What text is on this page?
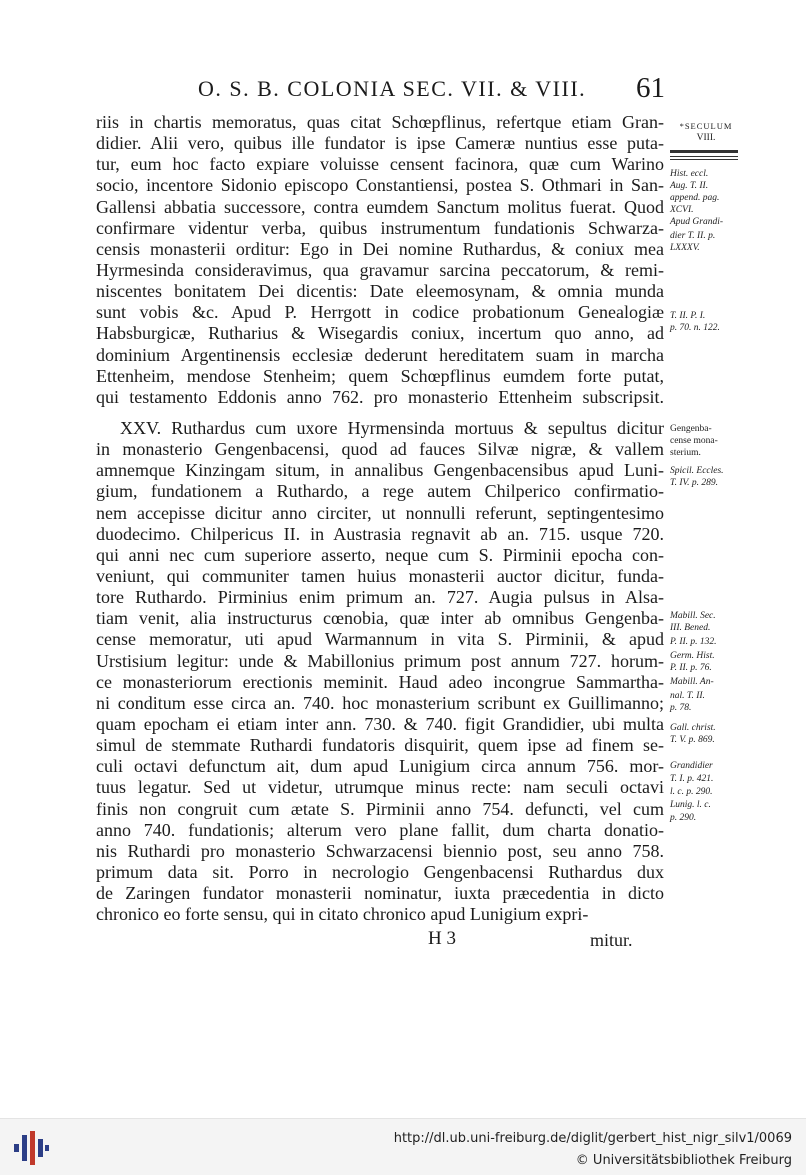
O. S. B. COLONIA SEC. VII. & VIII. 61
riis in chartis memoratus, quas citat Schœpflinus, refertque etiam Gran-
didier. Alii vero, quibus ille fundator is ipse Cameræ nuntius esse puta-
tur, eum hoc facto expiare voluisse censent facinora, quæ cum Warino
socio, incentore Sidonio episcopo Constantiensi, postea S. Othmari in San-
Gallensi abbatia successore, contra eumdem Sanctum molitus fuerat. Quod
confirmare videntur verba, quibus instrumentum fundationis Schwarza-
censis monasterii orditur: Ego in Dei nomine Ruthardus, & coniux mea
Hyrmesinda consideravimus, qua gravamur sarcina peccatorum, & remi-
niscentes bonitatem Dei dicentis: Date eleemosynam, & omnia munda
sunt vobis &c. Apud P. Herrgott in codice probationum Genealogiæ
Habsburgicæ, Rutharius & Wisegardis coniux, incertum quo anno, ad
dominium Argentinensis ecclesiæ dederunt hereditatem suam in marcha
Ettenheim, mendose Stenheim; quem Schœpflinus eumdem forte putat,
qui testamento Eddonis anno 762. pro monasterio Ettenheim subscripsit.
XXV. Ruthardus cum uxore Hyrmensinda mortuus & sepultus dicitur
in monasterio Gengenbacensi, quod ad fauces Silvæ nigræ, & vallem
amnemque Kinzingam situm, in annalibus Gengenbacensibus apud Luni-
gium, fundationem a Ruthardo, a rege autem Chilperico confirmatio-
nem accepisse dicitur anno circiter, ut nonnulli referunt, septingentesimo
duodecimo. Chilpericus II. in Austrasia regnavit ab an. 715. usque 720.
qui anni nec cum superiore asserto, neque cum S. Pirminii epocha con-
veniunt, qui communiter tamen huius monasterii auctor dicitur, funda-
tore Ruthardo. Pirminius enim primum an. 727. Augia pulsus in Alsa-
tiam venit, alia instructurus cœnobia, quæ inter ab omnibus Gengenba-
cense memoratur, uti apud Warmannum in vita S. Pirminii, & apud
Urstisium legitur: unde & Mabillonius primum post annum 727. horum-
ce monasteriorum erectionis meminit. Haud adeo incongrue Sammartha-
ni conditum esse circa an. 740. hoc monasterium scribunt ex Guillimanno;
quam epocham ei etiam inter ann. 730. & 740. figit Grandidier, ubi multa
simul de stemmate Ruthardi fundatoris disquirit, quem ipse ad finem se-
culi octavi defunctum ait, dum apud Lunigium circa annum 756. mor-
tuus legatur. Sed ut videtur, utrumque minus recte: nam seculi octavi
finis non congruit cum ætate S. Pirminii anno 754. defuncti, vel cum
anno 740. fundationis; alterum vero plane fallit, dum charta donatio-
nis Ruthardi pro monasterio Schwarzacensi biennio post, seu anno 758.
primum data sit. Porro in necrologio Gengenbacensi Ruthardus dux
de Zaringen fundator monasterii nominatur, iuxta præcedentia in dicto
chronico eo forte sensu, qui in citato chronico apud Lunigium expri-
*SECULUM
VIII.
Hist. eccl.
Aug. T. II.
append. pag.
XCVI.
Apud Grandi-
dier T. II. p.
LXXXV.
T. II. P. I.
p. 70. n. 122.
Gengenba-
cense mona-
sterium.
Spicil. Eccles.
T. IV. p. 289.
Mabill. Sec.
III. Bened.
P. II. p. 132.
Germ. Hist.
P. II. p. 76.
Mabill. An-
nal. T. II.
p. 78.
Gall. christ.
T. V. p. 869.
Grandidier
T. I. p. 421.
l. c. p. 290.
Lunig. l. c.
p. 290.
H 3	mitur.
http://dl.ub.uni-freiburg.de/diglit/gerbert_hist_nigr_silv1/0069
© Universitätsbibliothek Freiburg
